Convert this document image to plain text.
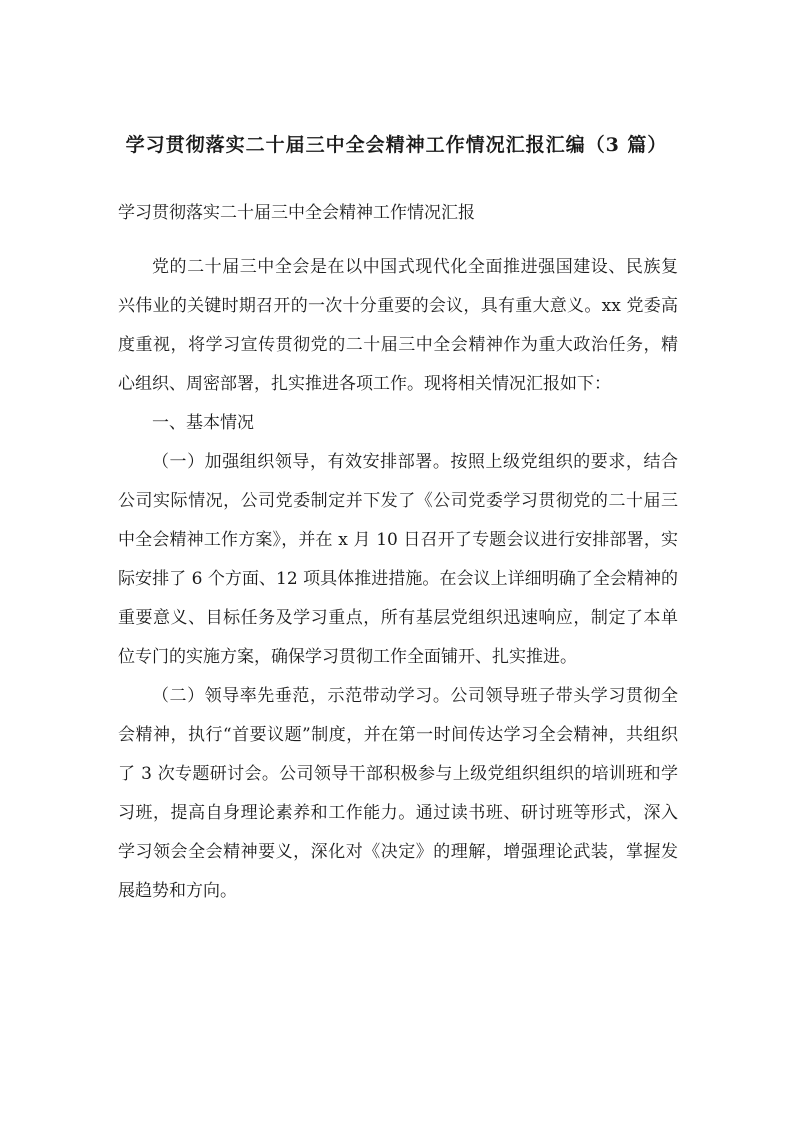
学习贯彻落实二十届三中全会精神工作情况汇报汇编（3 篇）
学习贯彻落实二十届三中全会精神工作情况汇报

党的二十届三中全会是在以中国式现代化全面推进强国建设、民族复兴伟业的关键时期召开的一次十分重要的会议，具有重大意义。xx 党委高度重视，将学习宣传贯彻党的二十届三中全会精神作为重大政治任务，精心组织、周密部署，扎实推进各项工作。现将相关情况汇报如下：

一、基本情况

（一）加强组织领导，有效安排部署。按照上级党组织的要求，结合公司实际情况，公司党委制定并下发了《公司党委学习贯彻党的二十届三中全会精神工作方案》，并在 x 月 10 日召开了专题会议进行安排部署，实际安排了 6 个方面、12 项具体推进措施。在会议上详细明确了全会精神的重要意义、目标任务及学习重点，所有基层党组织迅速响应，制定了本单位专门的实施方案，确保学习贯彻工作全面铺开、扎实推进。

（二）领导率先垂范，示范带动学习。公司领导班子带头学习贯彻全会精神，执行“首要议题”制度，并在第一时间传达学习全会精神，共组织了 3 次专题研讨会。公司领导干部积极参与上级党组织组织的培训班和学习班，提高自身理论素养和工作能力。通过读书班、研讨班等形式，深入学习领会全会精神要义，深化对《决定》的理解，增强理论武装，掌握发展趋势和方向。
